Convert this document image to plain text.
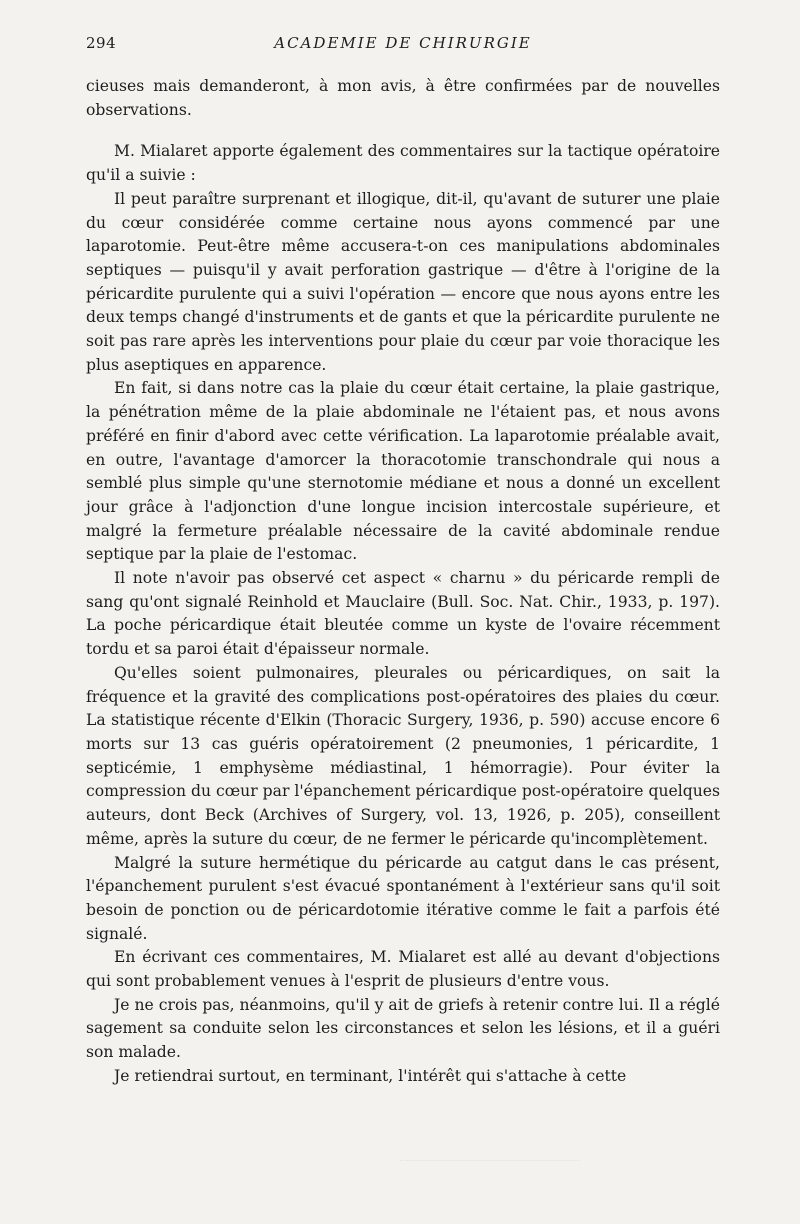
294	ACADEMIE DE CHIRURGIE

cieuses mais demanderont, à mon avis, à être confirmées par de nouvelles observations.

M. Mialaret apporte également des commentaires sur la tactique opératoire qu'il a suivie :

Il peut paraître surprenant et illogique, dit-il, qu'avant de suturer une plaie du cœur considérée comme certaine nous ayons commencé par une laparotomie. Peut-être même accusera-t-on ces manipulations abdominales septiques — puisqu'il y avait perforation gastrique — d'être à l'origine de la péricardite purulente qui a suivi l'opération — encore que nous ayons entre les deux temps changé d'instruments et de gants et que la péricardite purulente ne soit pas rare après les interventions pour plaie du cœur par voie thoracique les plus aseptiques en apparence.

En fait, si dans notre cas la plaie du cœur était certaine, la plaie gastrique, la pénétration même de la plaie abdominale ne l'étaient pas, et nous avons préféré en finir d'abord avec cette vérification. La laparotomie préalable avait, en outre, l'avantage d'amorcer la thoracotomie transchondrale qui nous a semblé plus simple qu'une sternotomie médiane et nous a donné un excellent jour grâce à l'adjonction d'une longue incision intercostale supérieure, et malgré la fermeture préalable nécessaire de la cavité abdominale rendue septique par la plaie de l'estomac.

Il note n'avoir pas observé cet aspect « charnu » du péricarde rempli de sang qu'ont signalé Reinhold et Mauclaire (Bull. Soc. Nat. Chir., 1933, p. 197). La poche péricardique était bleutée comme un kyste de l'ovaire récemment tordu et sa paroi était d'épaisseur normale.

Qu'elles soient pulmonaires, pleurales ou péricardiques, on sait la fréquence et la gravité des complications post-opératoires des plaies du cœur. La statistique récente d'Elkin (Thoracic Surgery, 1936, p. 590) accuse encore 6 morts sur 13 cas guéris opératoirement (2 pneumonies, 1 péricardite, 1 septicémie, 1 emphysème médiastinal, 1 hémorragie). Pour éviter la compression du cœur par l'épanchement péricardique post-opératoire quelques auteurs, dont Beck (Archives of Surgery, vol. 13, 1926, p. 205), conseillent même, après la suture du cœur, de ne fermer le péricarde qu'incomplètement.

Malgré la suture hermétique du péricarde au catgut dans le cas présent, l'épanchement purulent s'est évacué spontanément à l'extérieur sans qu'il soit besoin de ponction ou de péricardotomie itérative comme le fait a parfois été signalé.

En écrivant ces commentaires, M. Mialaret est allé au devant d'objections qui sont probablement venues à l'esprit de plusieurs d'entre vous.

Je ne crois pas, néanmoins, qu'il y ait de griefs à retenir contre lui. Il a réglé sagement sa conduite selon les circonstances et selon les lésions, et il a guéri son malade.

Je retiendrai surtout, en terminant, l'intérêt qui s'attache à cette
